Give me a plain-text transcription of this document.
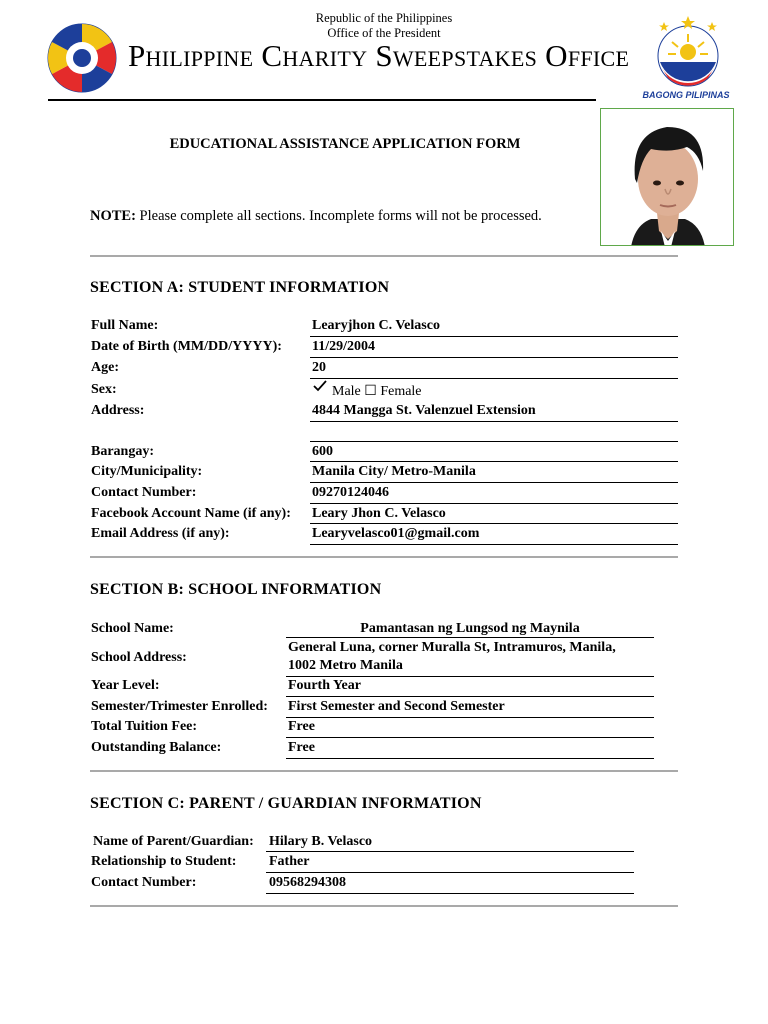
Republic of the Philippines
Office of the President
Philippine Charity Sweepstakes Office
BAGONG PILIPINAS
EDUCATIONAL ASSISTANCE APPLICATION FORM
NOTE: Please complete all sections. Incomplete forms will not be processed.
SECTION A: STUDENT INFORMATION
Full Name:	Learyjhon C. Velasco
Date of Birth (MM/DD/YYYY): 11/29/2004
Age:	20
Sex:	Male ☐ Female
Address:	4844 Mangga St. Valenzuel Extension
Barangay:	600
City/Municipality:	Manila City/ Metro-Manila
Contact Number:	09270124046
Facebook Account Name (if any): Leary Jhon C. Velasco
Email Address (if any):	Learyvelasco01@gmail.com
SECTION B: SCHOOL INFORMATION
School Name:	Pamantasan ng Lungsod ng Maynila
School Address:
General Luna, corner Muralla St, Intramuros, Manila,
1002 Metro Manila
Year Level:	Fourth Year
Semester/Trimester Enrolled: First Semester and Second Semester
Total Tuition Fee:	Free
Outstanding Balance:	Free
SECTION C: PARENT / GUARDIAN INFORMATION
Name of Parent/Guardian: Hilary B. Velasco
Relationship to Student: Father
Contact Number:	09568294308
